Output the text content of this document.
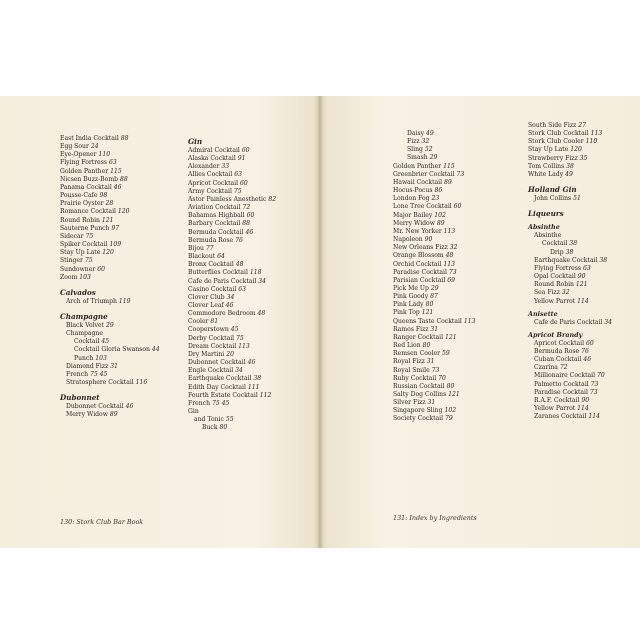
East India Cocktail 88
Egg Sour 24
Eye-Opener 110
Flying Fortress 63
Golden Panther 115
Nicsen Buzz-Bomb 88
Panama Cocktail 46
Pousse-Cafe 98
Prairie Oyster 28
Romance Cocktail 120
Round Robin 121
Sauterne Punch 97
Sidecar 75
Spiker Cocktail 109
Stay Up Late 120
Stinger 75
Sundowner 60
Zoom 103
Calvados
Arch of Triumph 119
Champagne
Black Velvet 29
Champagne
Cocktail 45
Cocktail Gloria Swanson 44
Punch 103
Diamond Fizz 31
French 75 45
Stratosphere Cocktail 116
Dubonnet
Dubonnet Cocktail 46
Merry Widow 89
Gin
Admiral Cocktail 60
Alaska Cocktail 91
Alexander 33
Allies Cocktail 63
Apricot Cocktail 60
Army Cocktail 75
Astor Painless Anesthetic 82
Aviation Cocktail 72
Bahamas Highball 60
Barbary Cocktail 88
Bermuda Cocktail 46
Bermuda Rose 76
Bijou 77
Blackout 64
Bronx Cocktail 48
Butterflies Cocktail 118
Cafe de Paris Cocktail 34
Casino Cocktail 63
Clover Club 34
Clover Leaf 46
Commodore Bedroom 48
Cooler 81
Cooperstown 45
Derby Cocktail 75
Dream Cocktail 113
Dry Martini 20
Dubonnet Cocktail 46
Engle Cocktail 34
Earthquake Cocktail 38
Edith Day Cocktail 111
Fourth Estate Cocktail 112
French 75 45
Gin
and Tonic 55
Buck 80
Daisy 49
Fizz 32
Sling 52
Smash 29
Golden Panther 115
Greenbrier Cocktail 73
Hawaii Cocktail 89
Hocus-Pocus 86
London Fog 23
Lone Tree Cocktail 60
Major Bailey 102
Merry Widow 89
Mr. New Yorker 113
Napoleon 90
New Orleans Fizz 32
Orange Blossom 48
Orchid Cocktail 113
Paradise Cocktail 73
Parisian Cocktail 69
Pick Me Up 29
Pink Goody 87
Pink Lady 80
Pink Top 121
Queens Taste Cocktail 113
Ramos Fizz 31
Ranger Cocktail 121
Red Lion 80
Remsen Cooler 59
Royal Fizz 31
Royal Smile 73
Ruby Cocktail 70
Russian Cocktail 80
Salty Dog Collins 121
Silver Fizz 31
Singapore Sling 102
Society Cocktail 79
South Side Fizz 27
Stork Club Cocktail 113
Stork Club Cooler 110
Stay Up Late 120
Strawberry Fizz 35
Tom Collins 38
White Lady 49
Holland Gin
John Collins 51
Liqueurs
Absinthe
Absinthe
Cocktail 38
Drip 38
Earthquake Cocktail 38
Flying Fortress 63
Opal Cocktail 90
Round Robin 121
Sea Fizz 32
Yellow Parrot 114
Anisette
Cafe de Paris Cocktail 34
Apricot Brandy
Apricot Cocktail 60
Bermuda Rose 76
Cuban Cocktail 46
Czarina 72
Millionaire Cocktail 70
Palmetto Cocktail 73
Paradise Cocktail 73
R.A.F. Cocktail 90
Yellow Parrot 114
Zaranes Cocktail 114
130: Stork Club Bar Book	131: Index by Ingredients
